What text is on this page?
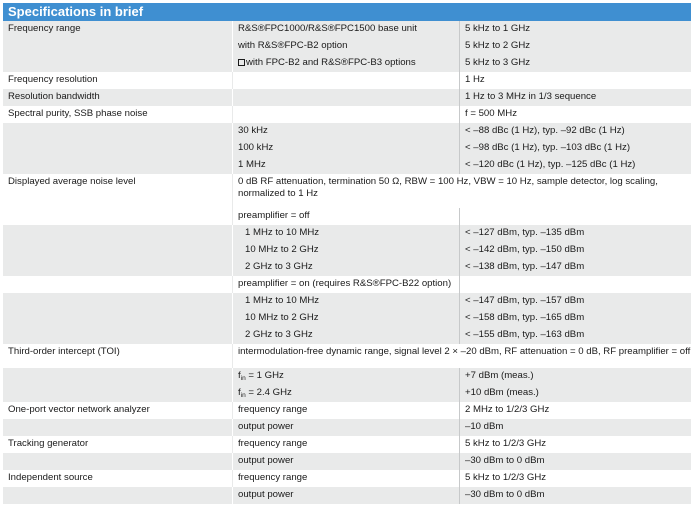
Specifications in brief
Frequency range	R&S®FPC1000/R&S®FPC1500 base unit	5 kHz to 1 GHz
	with R&S®FPC-B2 option	5 kHz to 2 GHz
	with FPC-B2 and R&S®FPC-B3 options	5 kHz to 3 GHz
Frequency resolution		1 Hz
Resolution bandwidth		1 Hz to 3 MHz in 1/3 sequence
Spectral purity, SSB phase noise		f = 500 MHz
	30 kHz	< –88 dBc (1 Hz), typ. –92 dBc (1 Hz)
	100 kHz	< –98 dBc (1 Hz), typ. –103 dBc (1 Hz)
	1 MHz	< –120 dBc (1 Hz), typ. –125 dBc (1 Hz)
Displayed average noise level	0 dB RF attenuation, termination 50 Ω, RBW = 100 Hz, VBW = 10 Hz, sample detector, log scaling, normalized to 1 Hz	
	preamplifier = off	
	1 MHz to 10 MHz	< –127 dBm, typ. –135 dBm
	10 MHz to 2 GHz	< –142 dBm, typ. –150 dBm
	2 GHz to 3 GHz	< –138 dBm, typ. –147 dBm
	preamplifier = on (requires R&S®FPC-B22 option)	
	1 MHz to 10 MHz	< –147 dBm, typ. –157 dBm
	10 MHz to 2 GHz	< –158 dBm, typ. –165 dBm
	2 GHz to 3 GHz	< –155 dBm, typ. –163 dBm
Third-order intercept (TOI)	intermodulation-free dynamic range, signal level 2 × –20 dBm, RF attenuation = 0 dB, RF preamplifier = off	
	$f_{in} = 1$ GHz	+7 dBm (meas.)
	$f_{in} = 2.4$ GHz	+10 dBm (meas.)
One-port vector network analyzer	frequency range	2 MHz to 1/2/3 GHz
	output power	–10 dBm
Tracking generator	frequency range	5 kHz to 1/2/3 GHz
	output power	–30 dBm to 0 dBm
Independent source	frequency range	5 kHz to 1/2/3 GHz
	output power	–30 dBm to 0 dBm
